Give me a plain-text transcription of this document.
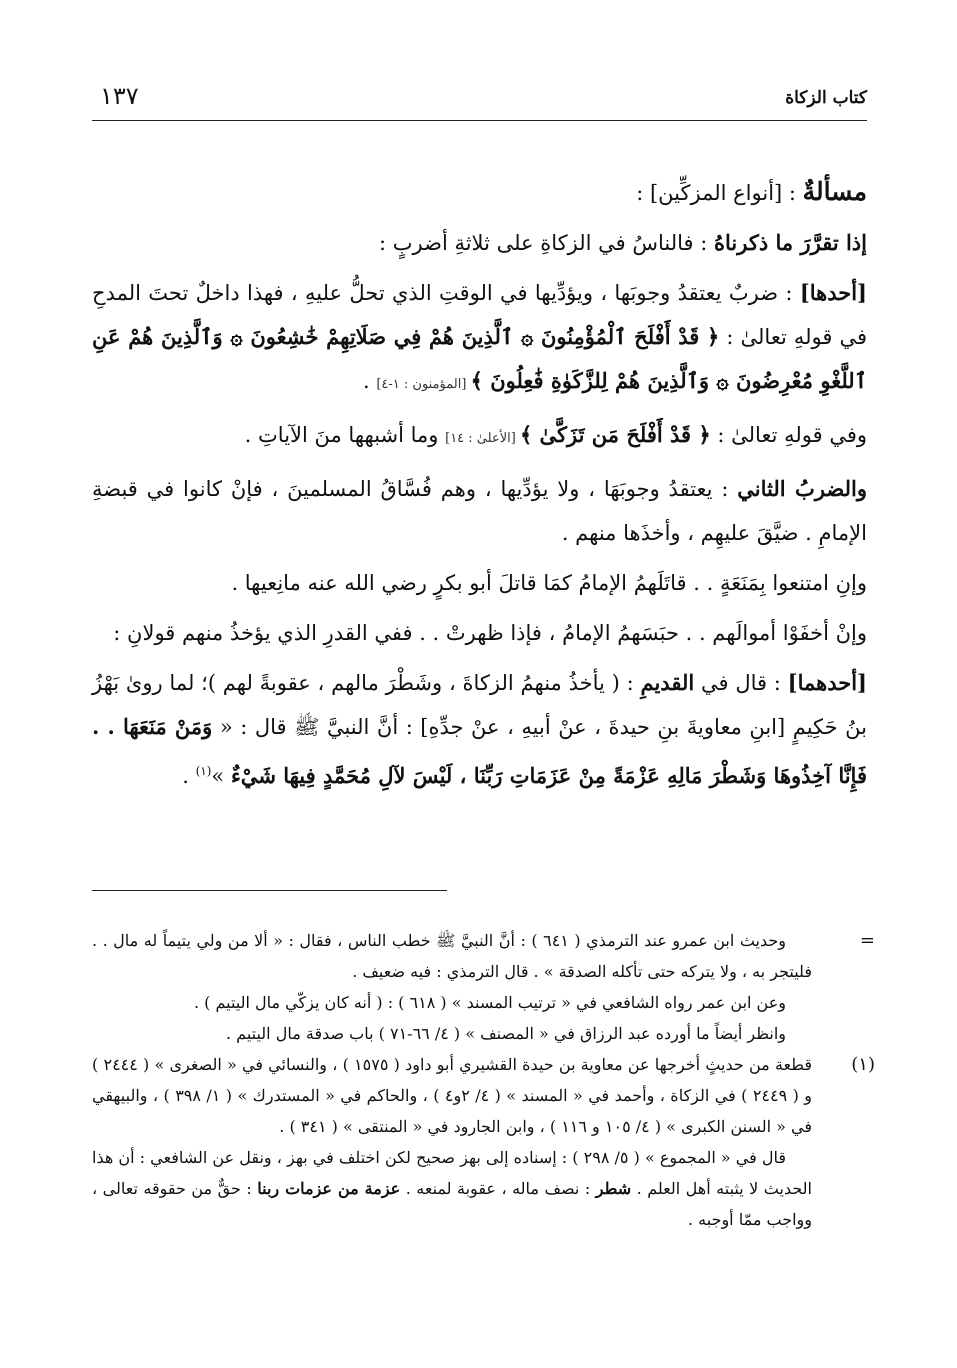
كتاب الزكاة
١٣٧

مسألةٌ : [أنواع المزكِّين] :

إذا تقرَّرَ ما ذكرناهُ : فالناسُ في الزكاةِ على ثلاثةِ أضربٍ :

[أحدها] : ضربٌ يعتقدُ وجوبَها ، ويؤدِّيها في الوقتِ الذي تحلُّ عليهِ ، فهذا داخلٌ تحتَ المدحِ في قولهِ تعالىٰ : ﴿ قَدْ أَفْلَحَ ٱلْمُؤْمِنُونَ ۞ ٱلَّذِينَ هُمْ فِي صَلَاتِهِمْ خَٰشِعُونَ ۞ وَٱلَّذِينَ هُمْ عَنِ ٱللَّغْوِ مُعْرِضُونَ ۞ وَٱلَّذِينَ هُمْ لِلزَّكَوٰةِ فَٰعِلُونَ ﴾ [المؤمنون : ١-٤] .

وفي قولهِ تعالىٰ : ﴿ قَدْ أَفْلَحَ مَن تَزَكَّىٰ ﴾ [الأعلىٰ : ١٤] وما أشبهها منَ الآياتِ .

والضربُ الثاني : يعتقدُ وجوبَهَا ، ولا يؤدِّيها ، وهم فُسَّاقُ المسلمينَ ، فإنْ كانوا في قبضةِ الإمامِ . ضيَّقَ عليهِم ، وأخذَها منهم .

وإنِ امتنعوا بِمَنَعَةٍ . . قاتَلَهمُ الإمامُ كمَا قاتلَ أبو بكرٍ رضي الله عنه مانِعيها .

وإنْ أخفَوْا أموالَهم . . حبَسَهمُ الإمامُ ، فإذا ظهرتْ . . ففي القدرِ الذي يؤخذُ منهم قولانِ :

[أحدهما] : قال في القديمِ : ( يأخذُ منهمُ الزكاةَ ، وشَطْرَ مالهم ، عقوبةً لهم )؛ لما روىٰ بَهْزُ بنُ حَكِيمٍ [ابنِ معاويةَ بنِ حيدةَ ، عنْ أبيهِ ، عنْ جدِّهِ] : أنَّ النبيَّ ﷺ قال : « وَمَنْ مَنَعَهَا . . فَإِنَّا آخِذُوهَا وَشَطْرَ مَالِهِ عَزْمَةً مِنْ عَزَمَاتِ رَبِّنَا ، لَيْسَ لآلِ مُحَمَّدٍ فِيهَا شَيْءٌ »$^{(١)}$ .

=

وحديث ابن عمرو عند الترمذي ( ٦٤١ ) : أنَّ النبيَّ ﷺ خطب الناس ، فقال : « ألا من ولي يتيماً له مال . . فليتجر به ، ولا يتركه حتى تأكله الصدقة » . قال الترمذي : فيه ضعيف .

وعن ابن عمر رواه الشافعي في « ترتيب المسند » ( ٦١٨ ) : ( أنه كان يزكّي مال اليتيم ) .

وانظر أيضاً ما أورده عبد الرزاق في « المصنف » ( ٤/ ٦٦-٧١ ) باب صدقة مال اليتيم .

(١)

قطعة من حديثٍ أخرجها عن معاوية بن حيدة القشيري أبو داود ( ١٥٧٥ ) ، والنسائي في « الصغرى » ( ٢٤٤٤ ) و ( ٢٤٤٩ ) في الزكاة ، وأحمد في « المسند » ( ٤/ ٢و٤ ) ، والحاكم في « المستدرك » ( ١/ ٣٩٨ ) ، والبيهقي في « السنن الكبرى » ( ٤/ ١٠٥ و ١١٦ ) ، وابن الجارود في « المنتقى » ( ٣٤١ ) .

قال في « المجموع » ( ٥/ ٢٩٨ ) : إسناده إلى بهز صحيح لكن اختلف في بهز ، ونقل عن الشافعي : أن هذا الحديث لا يثبته أهل العلم . شطر : نصف ماله ، عقوبة لمنعه . عزمة من عزمات ربنا : حقٌّ من حقوقه تعالى ، وواجب ممّا أوجبه .
